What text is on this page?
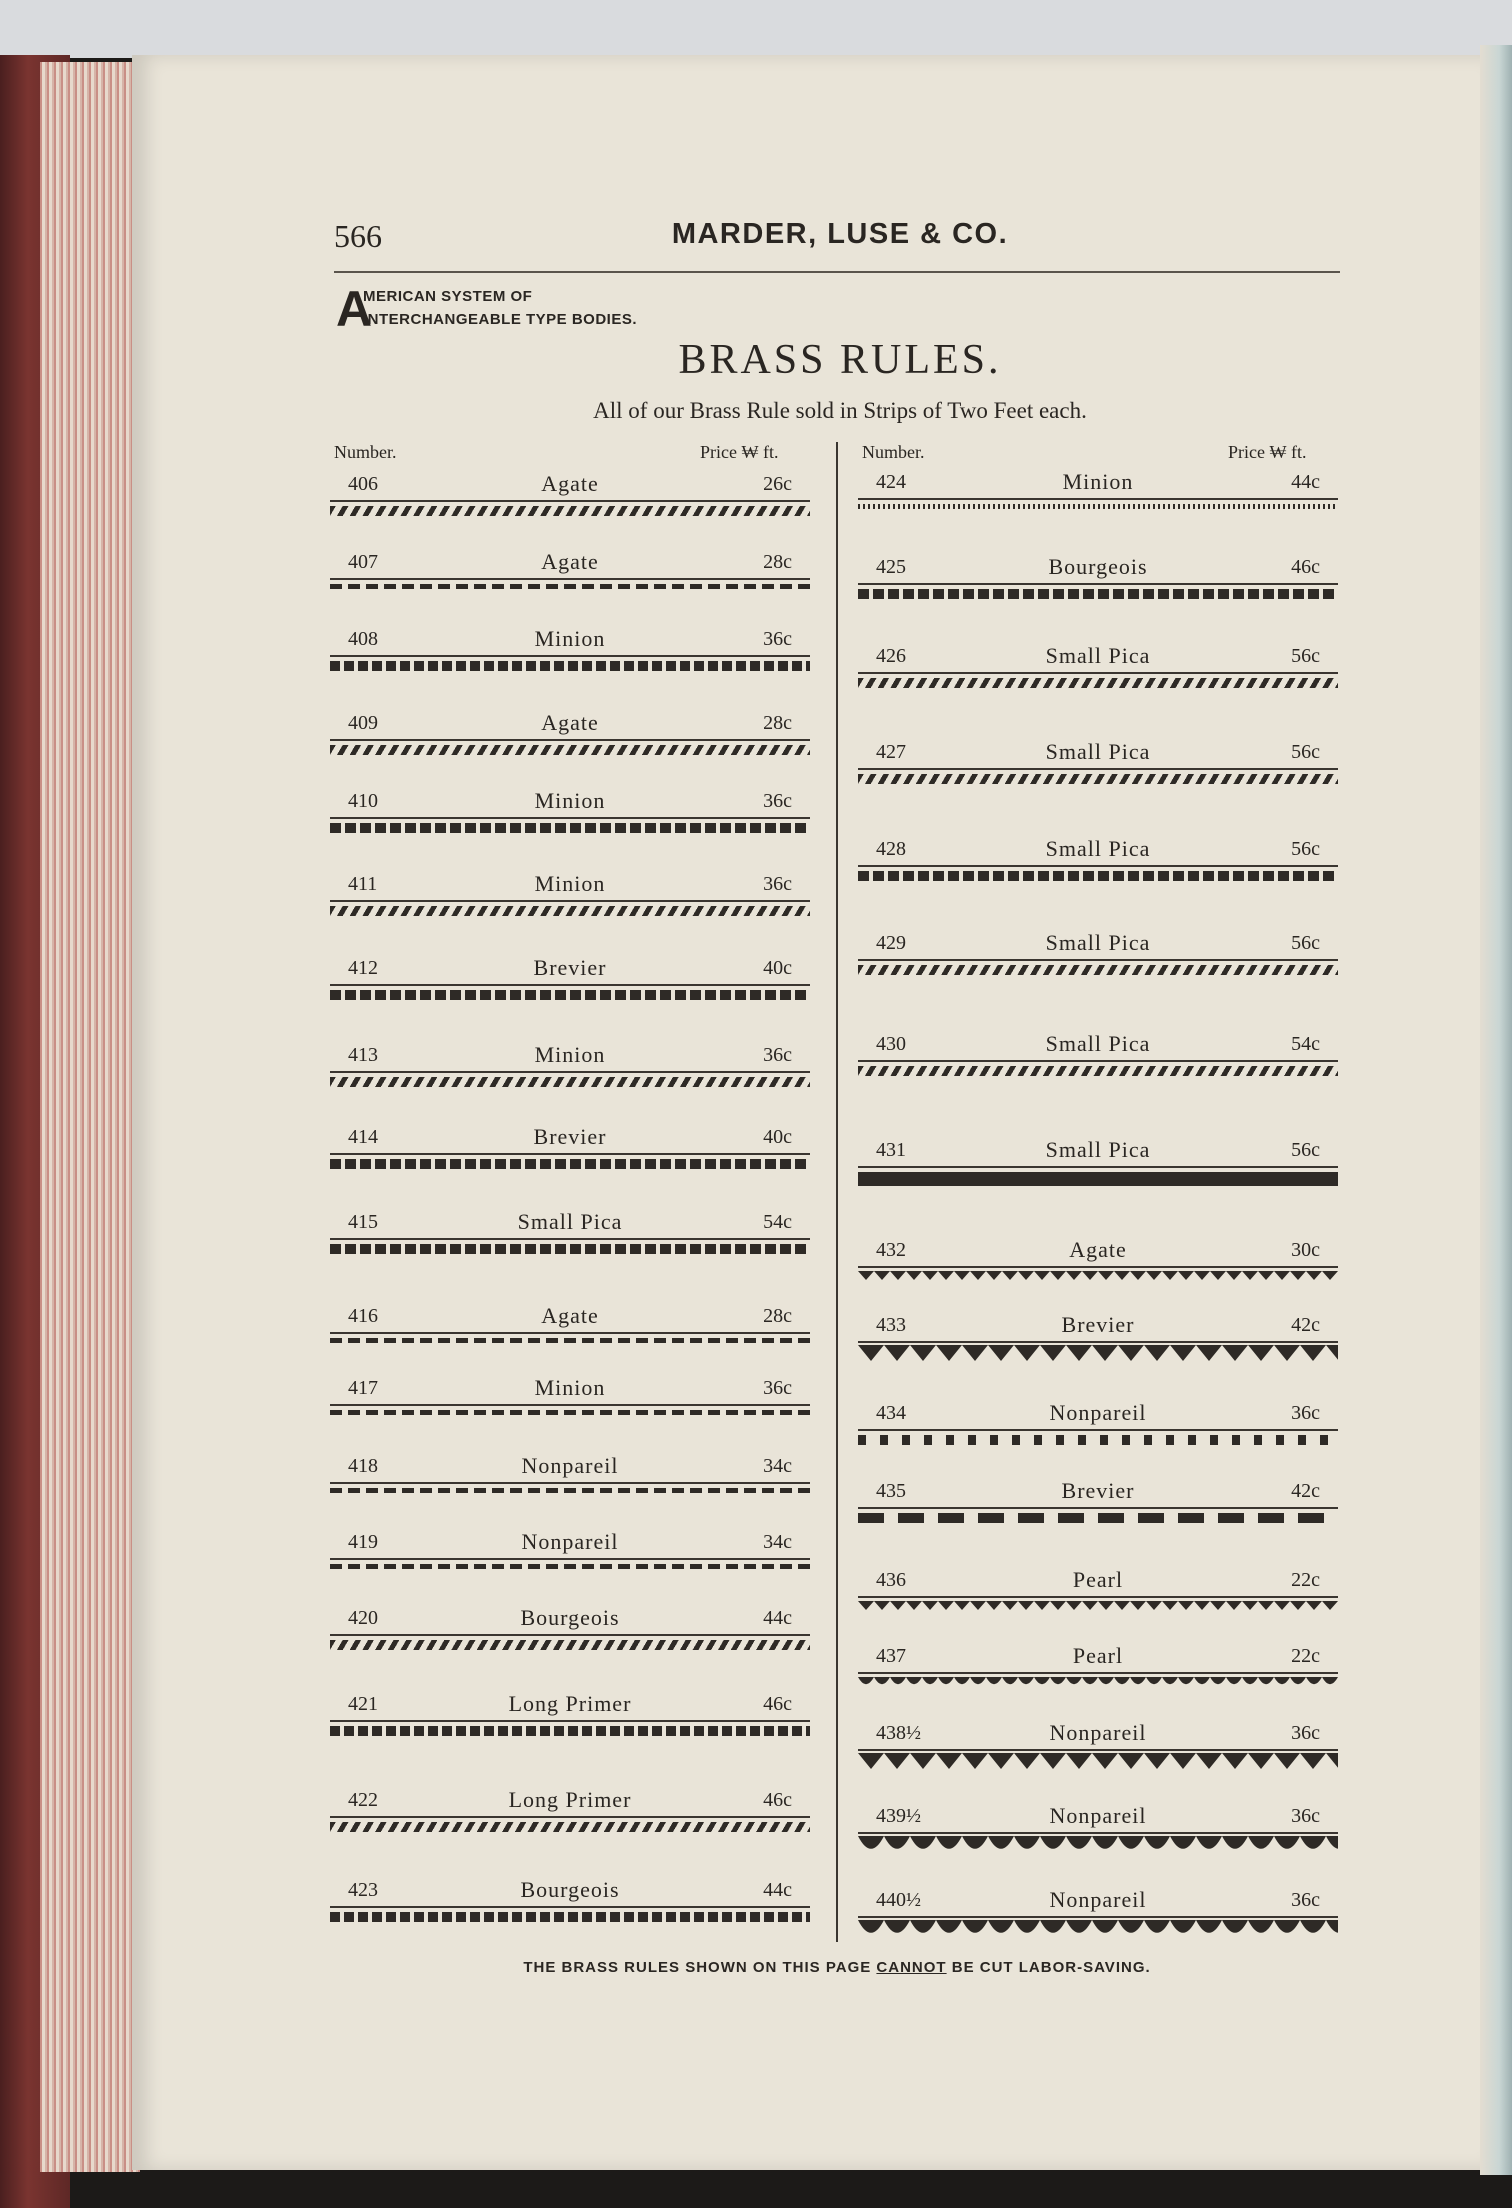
566	MARDER, LUSE & CO.
A
MERICAN SYSTEM OF
INTERCHANGEABLE TYPE BODIES.
BRASS RULES.
All of our Brass Rule sold in Strips of Two Feet each.
Number.	Price ₩ ft.	Number.	Price ₩ ft.
406	Agate	26c
407	Agate	28c
408	Minion	36c
409	Agate	28c
410	Minion	36c
411	Minion	36c
412	Brevier	40c
413	Minion	36c
414	Brevier	40c
415	Small Pica	54c
416	Agate	28c
417	Minion	36c
418	Nonpareil	34c
419	Nonpareil	34c
420	Bourgeois	44c
421	Long Primer	46c
422	Long Primer	46c
423	Bourgeois	44c
424	Minion	44c
425	Bourgeois	46c
426	Small Pica	56c
427	Small Pica	56c
428	Small Pica	56c
429	Small Pica	56c
430	Small Pica	54c
431	Small Pica	56c
432	Agate	30c
433	Brevier	42c
434	Nonpareil	36c
435	Brevier	42c
436	Pearl	22c
437	Pearl	22c
438½	Nonpareil	36c
439½	Nonpareil	36c
440½	Nonpareil	36c
THE BRASS RULES SHOWN ON THIS PAGE CANNOT BE CUT LABOR-SAVING.
